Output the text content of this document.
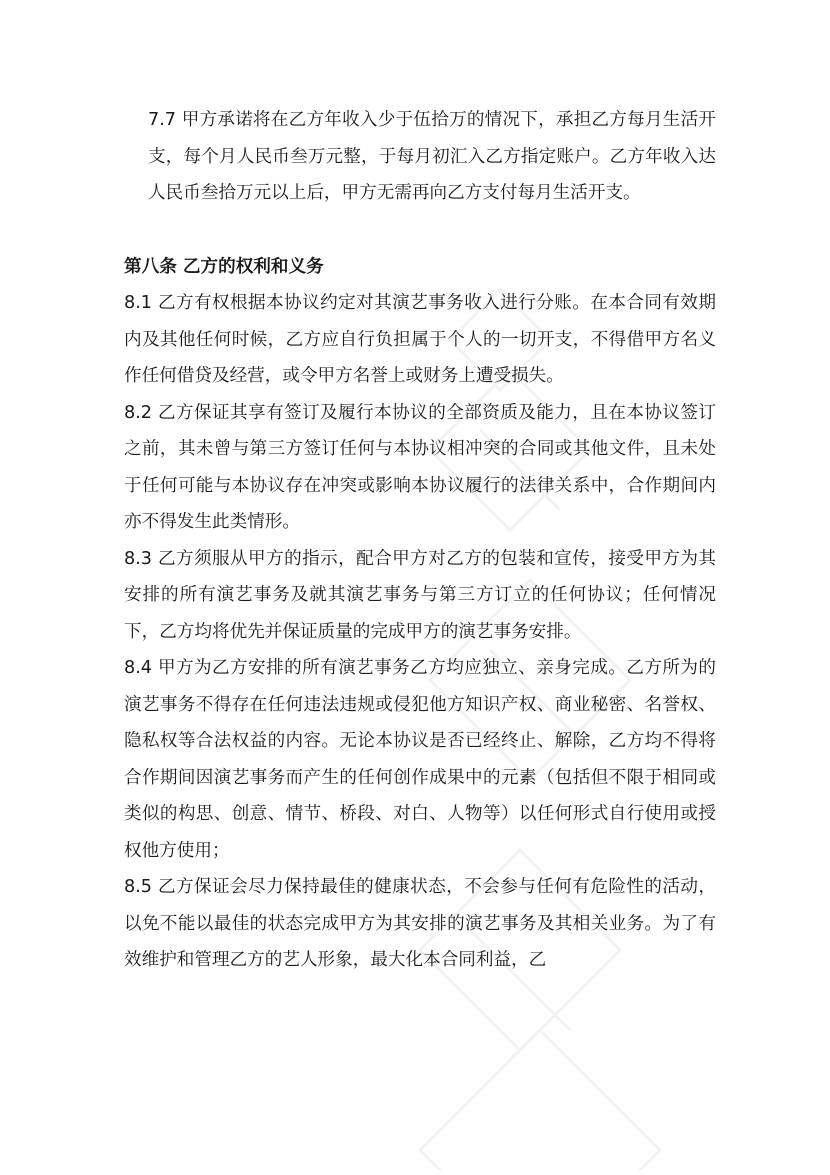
7.7 甲方承诺将在乙方年收入少于伍拾万的情况下，承担乙方每月生活开支，每个月人民币叁万元整，于每月初汇入乙方指定账户。乙方年收入达人民币叁拾万元以上后，甲方无需再向乙方支付每月生活开支。

第八条 乙方的权利和义务

8.1 乙方有权根据本协议约定对其演艺事务收入进行分账。在本合同有效期内及其他任何时候，乙方应自行负担属于个人的一切开支，不得借甲方名义作任何借贷及经营，或令甲方名誉上或财务上遭受损失。

8.2 乙方保证其享有签订及履行本协议的全部资质及能力，且在本协议签订之前，其未曾与第三方签订任何与本协议相冲突的合同或其他文件，且未处于任何可能与本协议存在冲突或影响本协议履行的法律关系中，合作期间内亦不得发生此类情形。

8.3 乙方须服从甲方的指示，配合甲方对乙方的包装和宣传，接受甲方为其安排的所有演艺事务及就其演艺事务与第三方订立的任何协议；任何情况下，乙方均将优先并保证质量的完成甲方的演艺事务安排。

8.4 甲方为乙方安排的所有演艺事务乙方均应独立、亲身完成。乙方所为的演艺事务不得存在任何违法违规或侵犯他方知识产权、商业秘密、名誉权、隐私权等合法权益的内容。无论本协议是否已经终止、解除，乙方均不得将合作期间因演艺事务而产生的任何创作成果中的元素（包括但不限于相同或类似的构思、创意、情节、桥段、对白、人物等）以任何形式自行使用或授权他方使用；

8.5 乙方保证会尽力保持最佳的健康状态，不会参与任何有危险性的活动，以免不能以最佳的状态完成甲方为其安排的演艺事务及其相关业务。为了有效维护和管理乙方的艺人形象，最大化本合同利益，乙
